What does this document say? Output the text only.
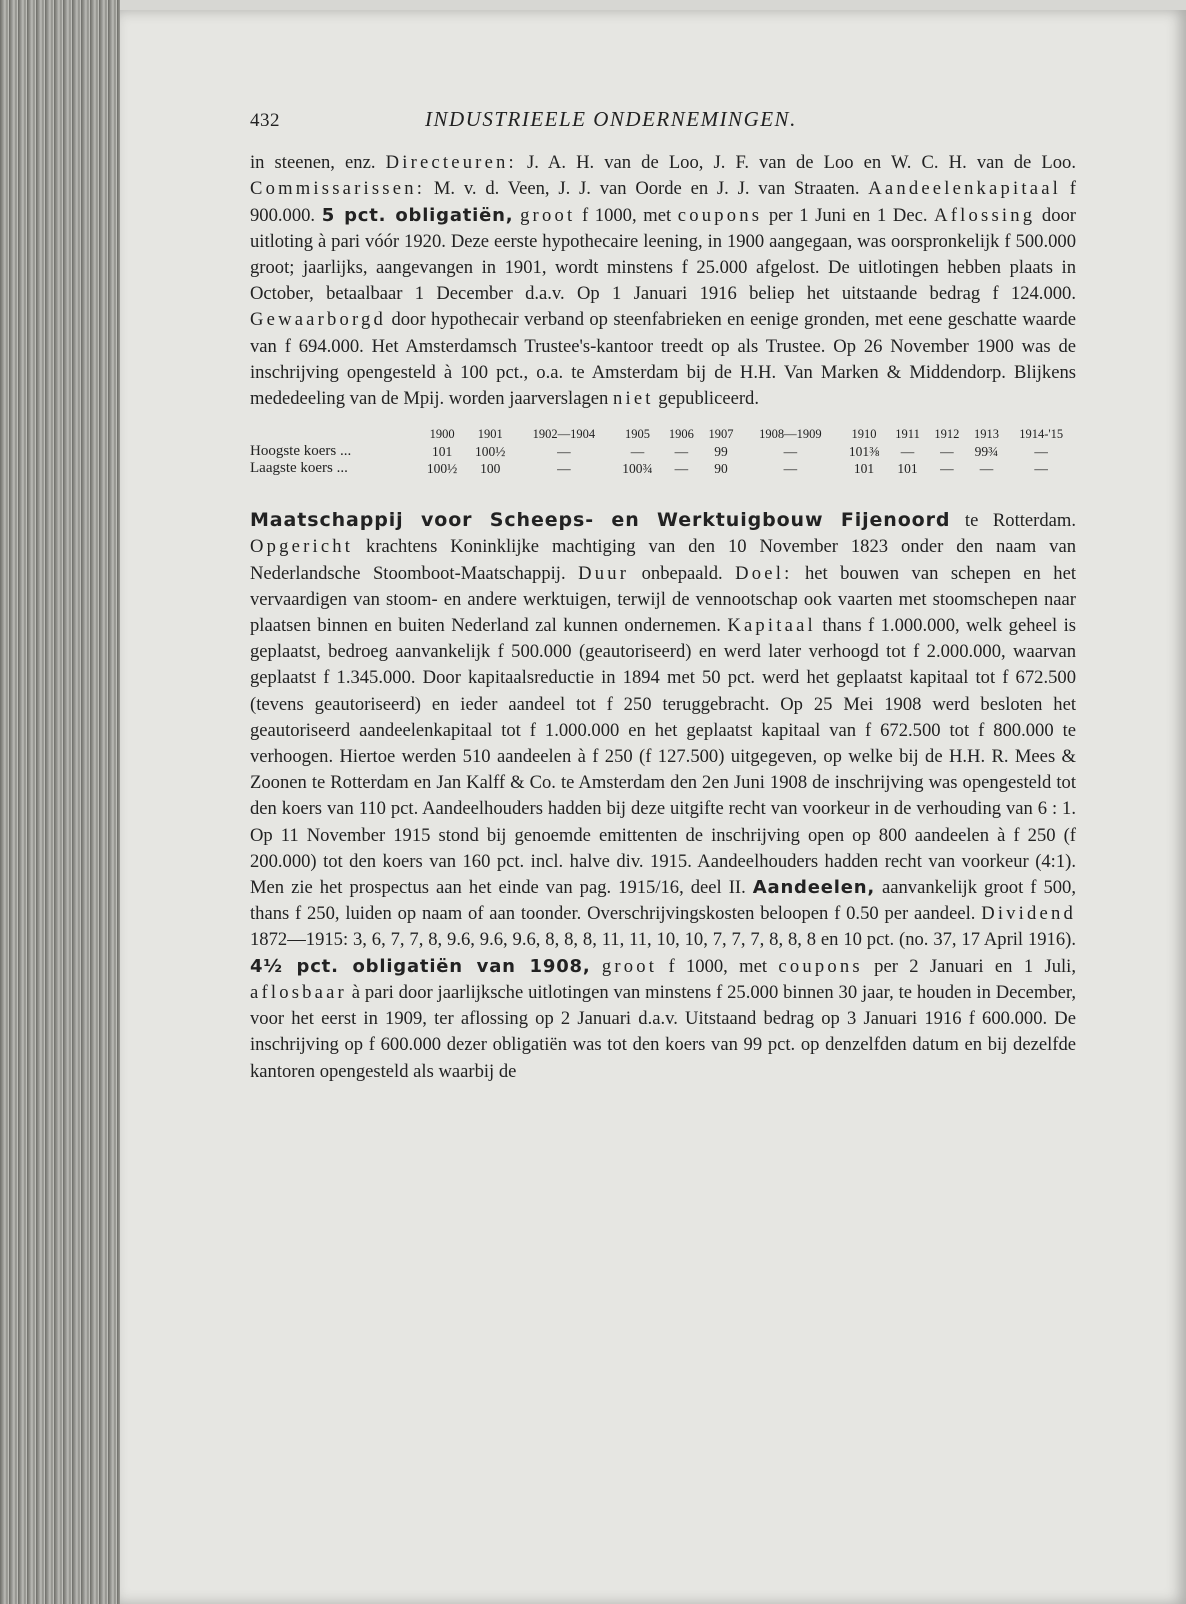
432	INDUSTRIEELE ONDERNEMINGEN.

in steenen, enz. Directeuren: J. A. H. van de Loo, J. F. van de Loo en W. C. H. van de Loo. Commissarissen: M. v. d. Veen, J. J. van Oorde en J. J. van Straaten. Aandeelenkapitaal f 900.000. 5 pct. obligatiën, groot f 1000, met coupons per 1 Juni en 1 Dec. Aflossing door uitloting à pari vóór 1920. Deze eerste hypothecaire leening, in 1900 aangegaan, was oorspronkelijk f 500.000 groot; jaarlijks, aangevangen in 1901, wordt minstens f 25.000 afgelost. De uitlotingen hebben plaats in October, betaalbaar 1 December d.a.v. Op 1 Januari 1916 beliep het uitstaande bedrag f 124.000. Gewaarborgd door hypothecair verband op steenfabrieken en eenige gronden, met eene geschatte waarde van f 694.000. Het Amsterdamsch Trustee's-kantoor treedt op als Trustee. Op 26 November 1900 was de inschrijving opengesteld à 100 pct., o.a. te Amsterdam bij de H.H. Van Marken & Middendorp. Blijkens mededeeling van de Mpij. worden jaarverslagen niet gepubliceerd.

	1900	1901	1902—1904	1905	1906	1907	1908—1909	1910	1911	1912	1913	1914-'15
Hoogste koers ...	101	100½	—	—	—	99	—	101⅜	—	—	99¾	—
Laagste koers ...	100½	100	—	100¾	—	90	—	101	101	—	—	—

Maatschappij voor Scheeps- en Werktuigbouw Fijenoord te Rotterdam. Opgericht krachtens Koninklijke machtiging van den 10 November 1823 onder den naam van Nederlandsche Stoomboot-Maatschappij. Duur onbepaald. Doel: het bouwen van schepen en het vervaardigen van stoom- en andere werktuigen, terwijl de vennootschap ook vaarten met stoomschepen naar plaatsen binnen en buiten Nederland zal kunnen ondernemen. Kapitaal thans f 1.000.000, welk geheel is geplaatst, bedroeg aanvankelijk f 500.000 (geautoriseerd) en werd later verhoogd tot f 2.000.000, waarvan geplaatst f 1.345.000. Door kapitaalsreductie in 1894 met 50 pct. werd het geplaatst kapitaal tot f 672.500 (tevens geautoriseerd) en ieder aandeel tot f 250 teruggebracht. Op 25 Mei 1908 werd besloten het geautoriseerd aandeelenkapitaal tot f 1.000.000 en het geplaatst kapitaal van f 672.500 tot f 800.000 te verhoogen. Hiertoe werden 510 aandeelen à f 250 (f 127.500) uitgegeven, op welke bij de H.H. R. Mees & Zoonen te Rotterdam en Jan Kalff & Co. te Amsterdam den 2en Juni 1908 de inschrijving was opengesteld tot den koers van 110 pct. Aandeelhouders hadden bij deze uitgifte recht van voorkeur in de verhouding van 6 : 1. Op 11 November 1915 stond bij genoemde emittenten de inschrijving open op 800 aandeelen à f 250 (f 200.000) tot den koers van 160 pct. incl. halve div. 1915. Aandeelhouders hadden recht van voorkeur (4:1). Men zie het prospectus aan het einde van pag. 1915/16, deel II. Aandeelen, aanvankelijk groot f 500, thans f 250, luiden op naam of aan toonder. Overschrijvingskosten beloopen f 0.50 per aandeel. Dividend 1872—1915: 3, 6, 7, 7, 8, 9.6, 9.6, 9.6, 8, 8, 8, 11, 11, 10, 10, 7, 7, 7, 8, 8, 8 en 10 pct. (no. 37, 17 April 1916). 4½ pct. obligatiën van 1908, groot f 1000, met coupons per 2 Januari en 1 Juli, aflosbaar à pari door jaarlijksche uitlotingen van minstens f 25.000 binnen 30 jaar, te houden in December, voor het eerst in 1909, ter aflossing op 2 Januari d.a.v. Uitstaand bedrag op 3 Januari 1916 f 600.000. De inschrijving op f 600.000 dezer obligatiën was tot den koers van 99 pct. op denzelfden datum en bij dezelfde kantoren opengesteld als waarbij de
